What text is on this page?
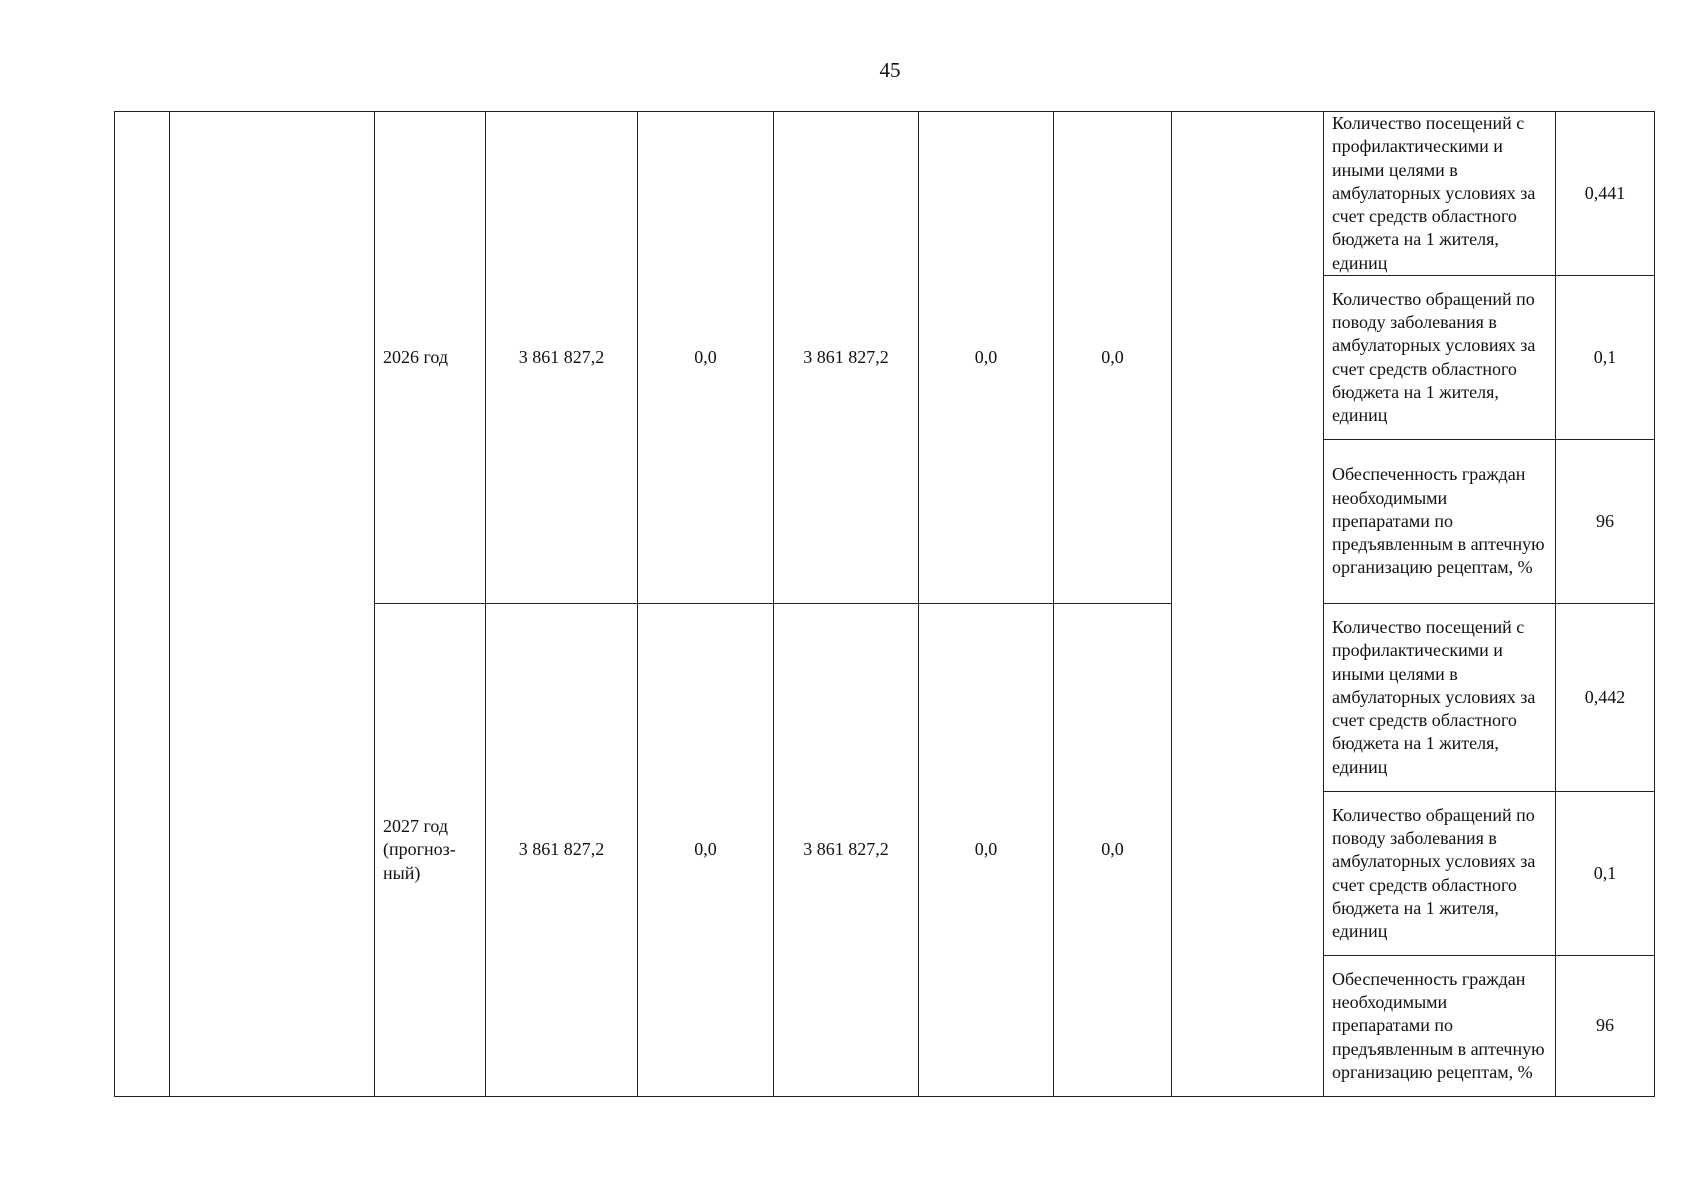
45
		2026 год	3 861 827,2	0,0	3 861 827,2	0,0	0,0		Количество посещений с профилактическими и иными целями в амбулаторных условиях за счет средств областного бюджета на 1 жителя, единиц	0,441

									Количество обращений по поводу заболевания в амбулаторных условиях за счет средств областного бюджета на 1 жителя, единиц	0,1

									Обеспеченность граждан необходимыми препаратами по предъявленным в аптечную организацию рецептам, %	96
		2027 год (прогноз-ный)	3 861 827,2	0,0	3 861 827,2	0,0	0,0		Количество посещений с профилактическими и иными целями в амбулаторных условиях за счет средств областного бюджета на 1 жителя, единиц	0,442

									Количество обращений по поводу заболевания в амбулаторных условиях за счет средств областного бюджета на 1 жителя, единиц	0,1

									Обеспеченность граждан необходимыми препаратами по предъявленным в аптечную организацию рецептам, %	96
